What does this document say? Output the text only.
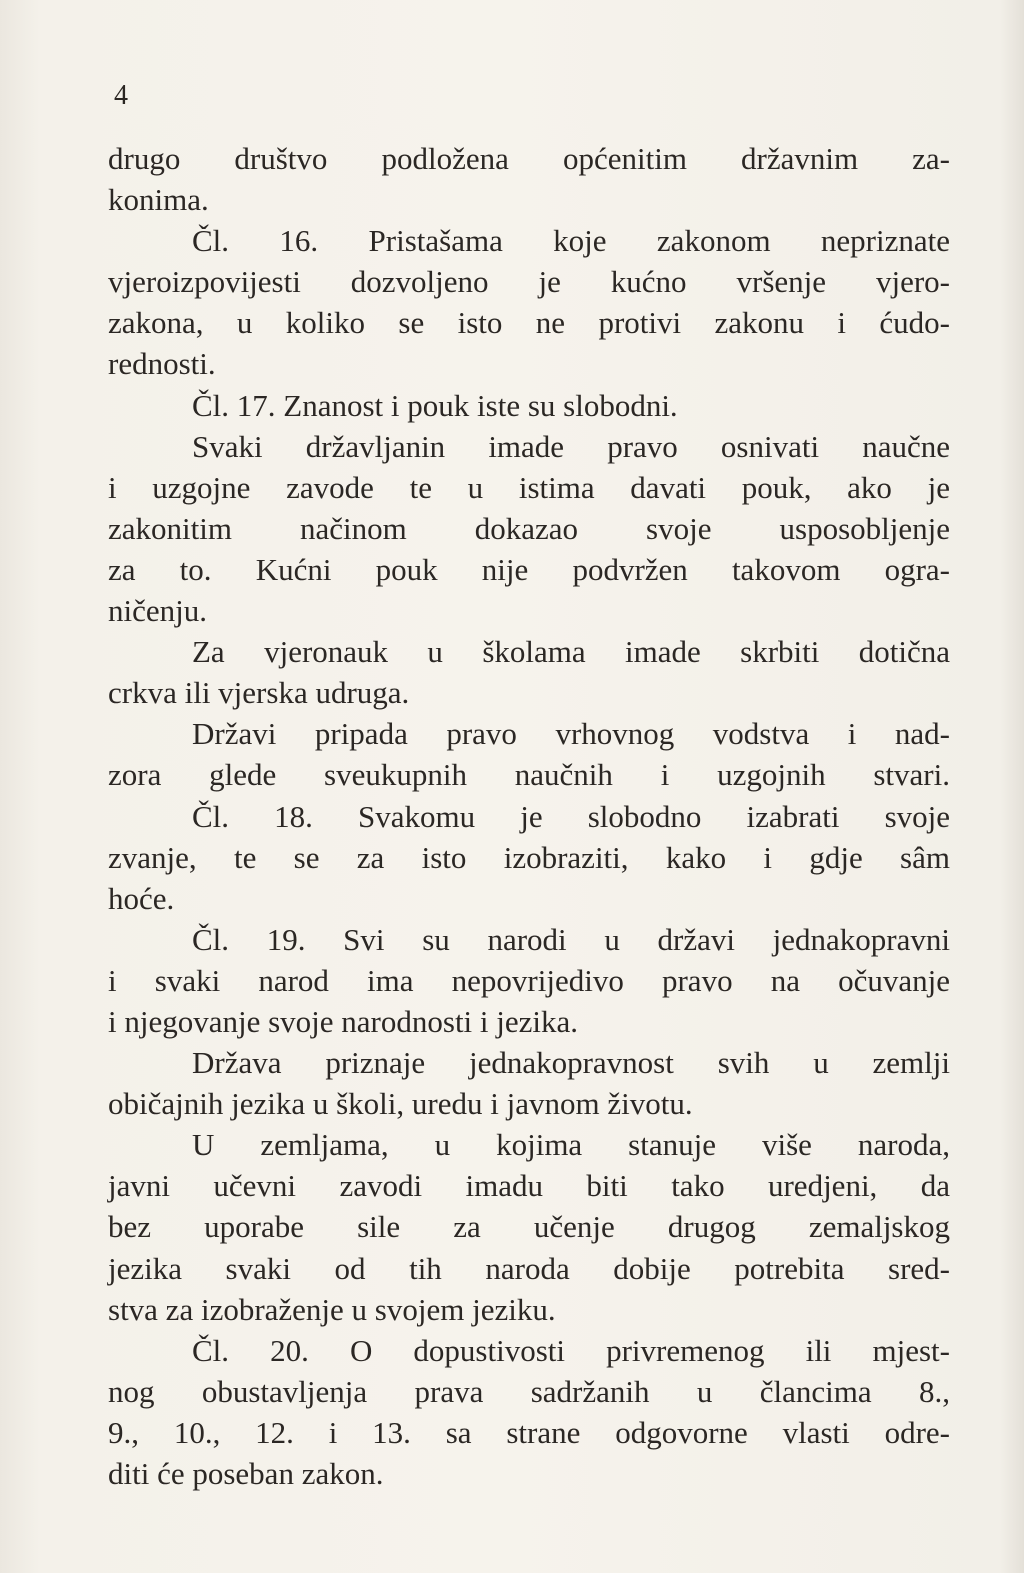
4
drugo društvo podložena općenitim državnim za-
konima.
Čl. 16. Pristašama koje zakonom nepriznate
vjeroizpovijesti dozvoljeno je kućno vršenje vjero-
zakona, u koliko se isto ne protivi zakonu i ćudo-
rednosti.
Čl. 17. Znanost i pouk iste su slobodni.
Svaki državljanin imade pravo osnivati naučne
i uzgojne zavode te u istima davati pouk, ako je
zakonitim načinom dokazao svoje usposobljenje
za to. Kućni pouk nije podvržen takovom ogra-
ničenju.
Za vjeronauk u školama imade skrbiti dotična
crkva ili vjerska udruga.
Državi pripada pravo vrhovnog vodstva i nad-
zora glede sveukupnih naučnih i uzgojnih stvari.
Čl. 18. Svakomu je slobodno izabrati svoje
zvanje, te se za isto izobraziti, kako i gdje sâm
hoće.
Čl. 19. Svi su narodi u državi jednakopravni
i svaki narod ima nepovrijedivo pravo na očuvanje
i njegovanje svoje narodnosti i jezika.
Država priznaje jednakopravnost svih u zemlji
običajnih jezika u školi, uredu i javnom životu.
U zemljama, u kojima stanuje više naroda,
javni učevni zavodi imadu biti tako uredjeni, da
bez uporabe sile za učenje drugog zemaljskog
jezika svaki od tih naroda dobije potrebita sred-
stva za izobraženje u svojem jeziku.
Čl. 20. O dopustivosti privremenog ili mjest-
nog obustavljenja prava sadržanih u člancima 8.,
9., 10., 12. i 13. sa strane odgovorne vlasti odre-
diti će poseban zakon.
